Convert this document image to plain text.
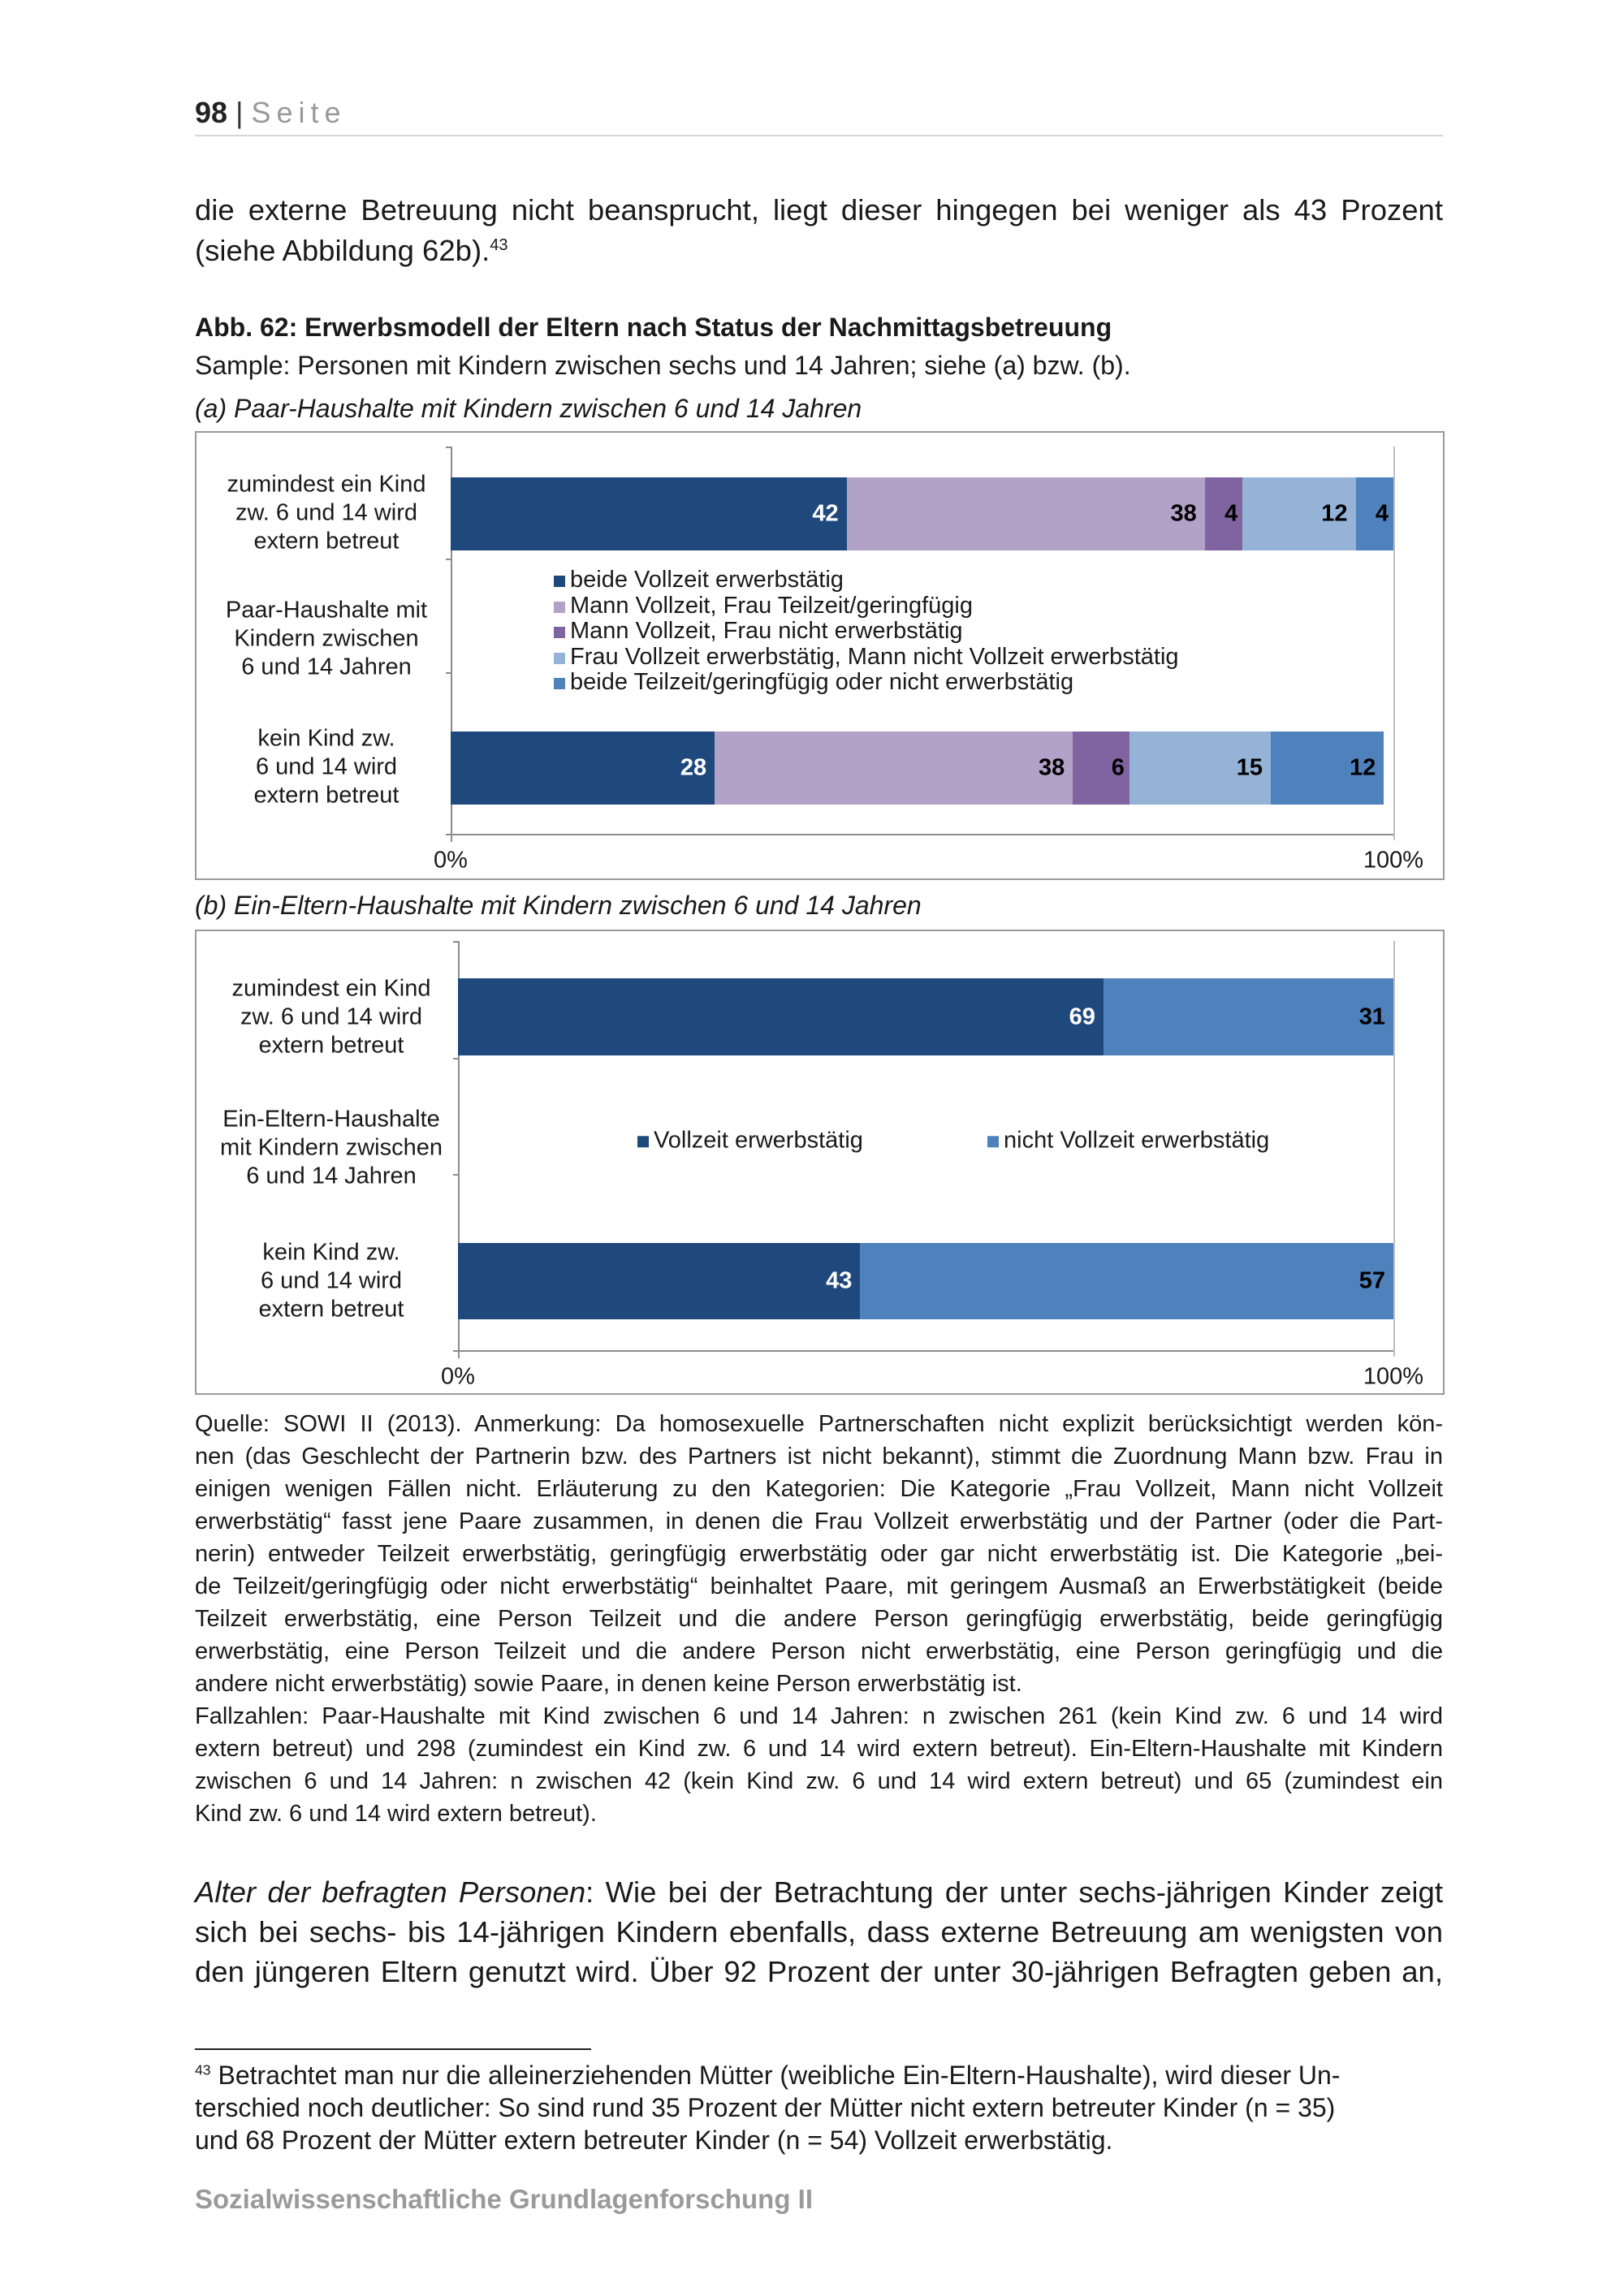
98 | Seite
die externe Betreuung nicht beansprucht, liegt dieser hingegen bei weniger als 43 Prozent
(siehe Abbildung 62b).$^{43}$
Abb. 62: Erwerbsmodell der Eltern nach Status der Nachmittagsbetreuung
Sample: Personen mit Kindern zwischen sechs und 14 Jahren; siehe (a) bzw. (b).
(a) Paar-Haushalte mit Kindern zwischen 6 und 14 Jahren
0%	100%
zumindest ein Kind
zw. 6 und 14 wird
extern betreut
Paar-Haushalte mit
Kindern zwischen
6 und 14 Jahren
kein Kind zw.
6 und 14 wird
extern betreut
42	38 4	12 4
28	38 6	15	12
beide Vollzeit erwerbstätig
Mann Vollzeit, Frau Teilzeit/geringfügig
Mann Vollzeit, Frau nicht erwerbstätig
Frau Vollzeit erwerbstätig, Mann nicht Vollzeit erwerbstätig
beide Teilzeit/geringfügig oder nicht erwerbstätig
(b) Ein-Eltern-Haushalte mit Kindern zwischen 6 und 14 Jahren
0%	100%
zumindest ein Kind
zw. 6 und 14 wird
extern betreut
Ein-Eltern-Haushalte
mit Kindern zwischen
6 und 14 Jahren
kein Kind zw.
6 und 14 wird
extern betreut
69	31
43	57
Vollzeit erwerbstätig	nicht Vollzeit erwerbstätig
Quelle: SOWI II (2013). Anmerkung: Da homosexuelle Partnerschaften nicht explizit berücksichtigt werden kön-
nen (das Geschlecht der Partnerin bzw. des Partners ist nicht bekannt), stimmt die Zuordnung Mann bzw. Frau in
einigen wenigen Fällen nicht. Erläuterung zu den Kategorien: Die Kategorie „Frau Vollzeit, Mann nicht Vollzeit
erwerbstätig“ fasst jene Paare zusammen, in denen die Frau Vollzeit erwerbstätig und der Partner (oder die Part-
nerin) entweder Teilzeit erwerbstätig, geringfügig erwerbstätig oder gar nicht erwerbstätig ist. Die Kategorie „bei-
de Teilzeit/geringfügig oder nicht erwerbstätig“ beinhaltet Paare, mit geringem Ausmaß an Erwerbstätigkeit (beide
Teilzeit erwerbstätig, eine Person Teilzeit und die andere Person geringfügig erwerbstätig, beide geringfügig
erwerbstätig, eine Person Teilzeit und die andere Person nicht erwerbstätig, eine Person geringfügig und die
andere nicht erwerbstätig) sowie Paare, in denen keine Person erwerbstätig ist.
Fallzahlen: Paar-Haushalte mit Kind zwischen 6 und 14 Jahren: n zwischen 261 (kein Kind zw. 6 und 14 wird
extern betreut) und 298 (zumindest ein Kind zw. 6 und 14 wird extern betreut). Ein-Eltern-Haushalte mit Kindern
zwischen 6 und 14 Jahren: n zwischen 42 (kein Kind zw. 6 und 14 wird extern betreut) und 65 (zumindest ein
Kind zw. 6 und 14 wird extern betreut).
Alter der befragten Personen: Wie bei der Betrachtung der unter sechs-jährigen Kinder zeigt
sich bei sechs- bis 14-jährigen Kindern ebenfalls, dass externe Betreuung am wenigsten von
den jüngeren Eltern genutzt wird. Über 92 Prozent der unter 30-jährigen Befragten geben an,
$^{43}$ Betrachtet man nur die alleinerziehenden Mütter (weibliche Ein-Eltern-Haushalte), wird dieser Un-
terschied noch deutlicher: So sind rund 35 Prozent der Mütter nicht extern betreuter Kinder (n = 35)
und 68 Prozent der Mütter extern betreuter Kinder (n = 54) Vollzeit erwerbstätig.
Sozialwissenschaftliche Grundlagenforschung II
